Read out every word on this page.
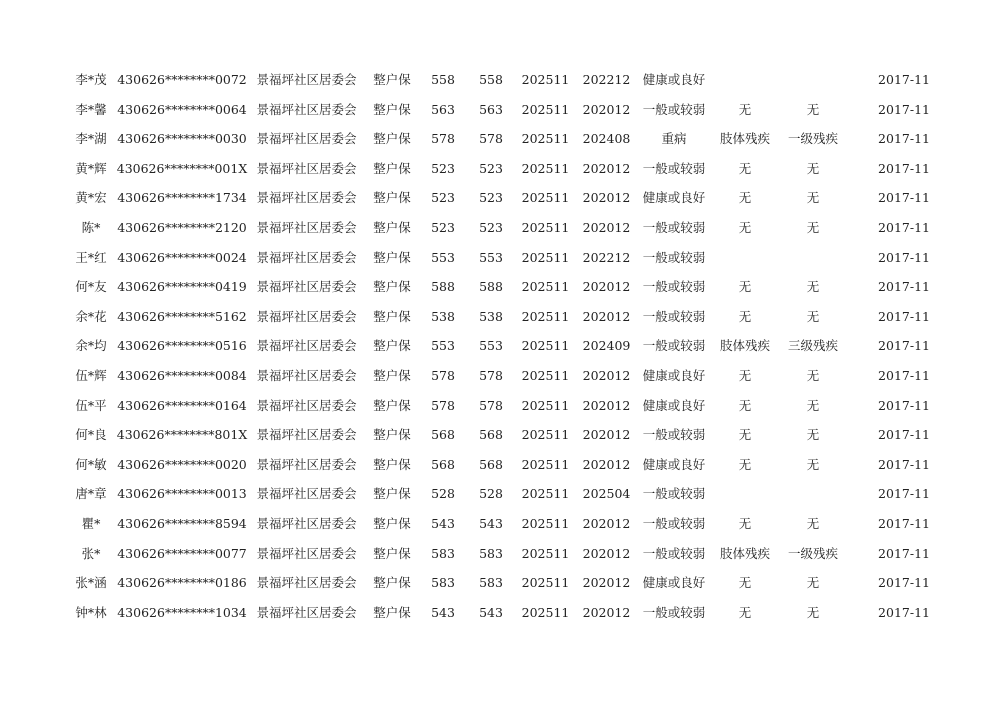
李*茂	430626********0072	景福坪社区居委会	整户保	558	558	202511	202212	健康或良好			2017-11
李*馨	430626********0064	景福坪社区居委会	整户保	563	563	202511	202012	一般或较弱	无	无	2017-11
李*湖	430626********0030	景福坪社区居委会	整户保	578	578	202511	202408	重病	肢体残疾	一级残疾	2017-11
黄*辉	430626********001X	景福坪社区居委会	整户保	523	523	202511	202012	一般或较弱	无	无	2017-11
黄*宏	430626********1734	景福坪社区居委会	整户保	523	523	202511	202012	健康或良好	无	无	2017-11
陈*	430626********2120	景福坪社区居委会	整户保	523	523	202511	202012	一般或较弱	无	无	2017-11
王*红	430626********0024	景福坪社区居委会	整户保	553	553	202511	202212	一般或较弱			2017-11
何*友	430626********0419	景福坪社区居委会	整户保	588	588	202511	202012	一般或较弱	无	无	2017-11
余*花	430626********5162	景福坪社区居委会	整户保	538	538	202511	202012	一般或较弱	无	无	2017-11
余*均	430626********0516	景福坪社区居委会	整户保	553	553	202511	202409	一般或较弱	肢体残疾	三级残疾	2017-11
伍*辉	430626********0084	景福坪社区居委会	整户保	578	578	202511	202012	健康或良好	无	无	2017-11
伍*平	430626********0164	景福坪社区居委会	整户保	578	578	202511	202012	健康或良好	无	无	2017-11
何*良	430626********801X	景福坪社区居委会	整户保	568	568	202511	202012	一般或较弱	无	无	2017-11
何*敏	430626********0020	景福坪社区居委会	整户保	568	568	202511	202012	健康或良好	无	无	2017-11
唐*章	430626********0013	景福坪社区居委会	整户保	528	528	202511	202504	一般或较弱			2017-11
瞿*	430626********8594	景福坪社区居委会	整户保	543	543	202511	202012	一般或较弱	无	无	2017-11
张*	430626********0077	景福坪社区居委会	整户保	583	583	202511	202012	一般或较弱	肢体残疾	一级残疾	2017-11
张*涵	430626********0186	景福坪社区居委会	整户保	583	583	202511	202012	健康或良好	无	无	2017-11
钟*林	430626********1034	景福坪社区居委会	整户保	543	543	202511	202012	一般或较弱	无	无	2017-11
